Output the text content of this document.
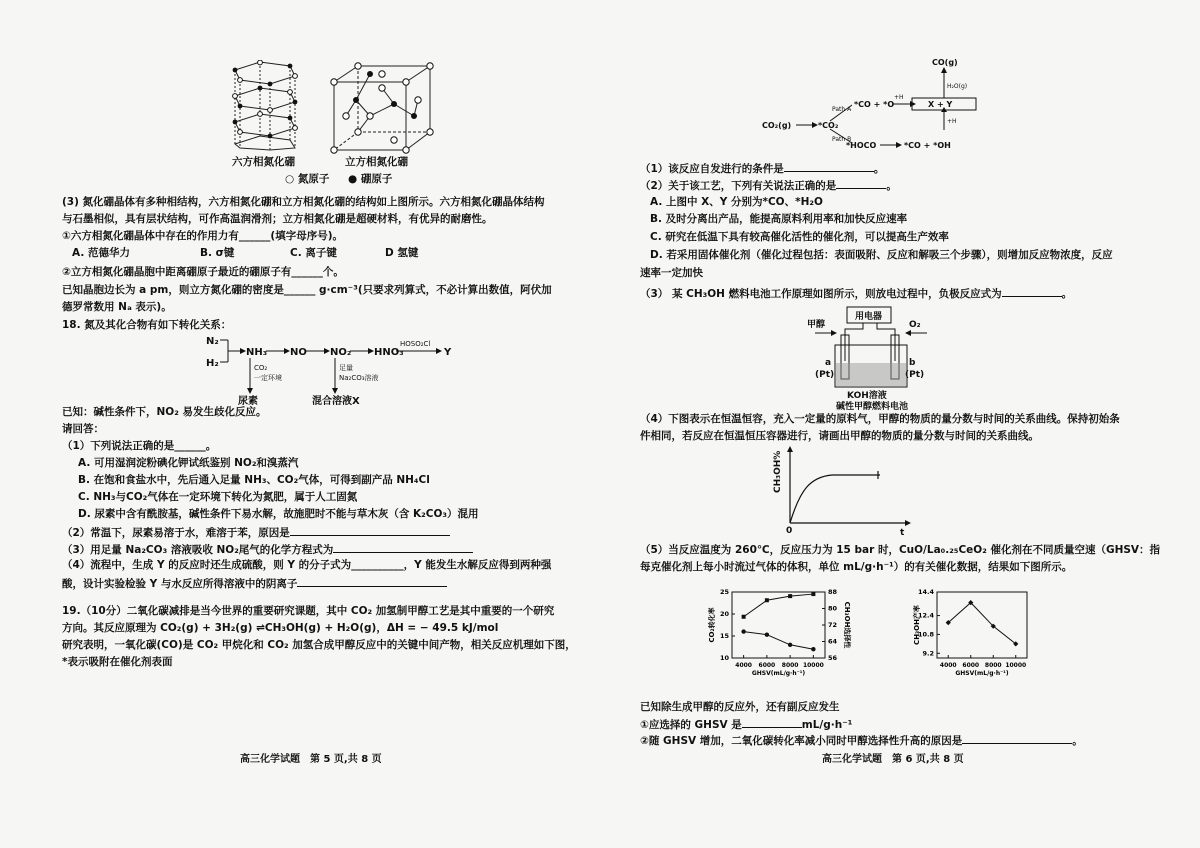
六方相氮化硼	立方相氮化硼
○ 氮原子 ● 硼原子
(3) 氮化硼晶体有多种相结构，六方相氮化硼和立方相氮化硼的结构如上图所示。六方相氮化硼晶体结构
与石墨相似，具有层状结构，可作高温润滑剂；立方相氮化硼是超硬材料，有优异的耐磨性。
①六方相氮化硼晶体中存在的作用力有______(填字母序号)。
A. 范德华力	B. σ键	C. 离子键	D 氢键
②立方相氮化硼晶胞中距离硼原子最近的硼原子有______个。
已知晶胞边长为 a pm，则立方氮化硼的密度是______ g·cm⁻³(只要求列算式，不必计算出数值，阿伏加
德罗常数用 Nₐ 表示)。
18. 氮及其化合物有如下转化关系：
N₂
H₂
NH₃ NO NO₂ HNO₃	Y
尿素	混合溶液X
HOSO₂Cl
CO₂
一定环境
足量
Na₂CO₃溶液
已知：碱性条件下，NO₂ 易发生歧化反应。
请回答：
（1）下列说法正确的是______。
A. 可用湿润淀粉碘化钾试纸鉴别 NO₂和溴蒸汽
B. 在饱和食盐水中，先后通入足量 NH₃、CO₂气体，可得到副产品 NH₄Cl
C. NH₃与CO₂气体在一定环境下转化为氮肥，属于人工固氮
D. 尿素中含有酰胺基，碱性条件下易水解，故施肥时不能与草木灰（含 K₂CO₃）混用
（2）常温下，尿素易溶于水，难溶于苯，原因是
（3）用足量 Na₂CO₃ 溶液吸收 NO₂尾气的化学方程式为
（4）流程中，生成 Y 的反应时还生成硫酸，则 Y 的分子式为__________，Y 能发生水解反应得到两种强
酸，设计实验检验 Y 与水反应所得溶液中的阴离子
19.（10分）二氧化碳减排是当今世界的重要研究课题，其中 CO₂ 加氢制甲醇工艺是其中重要的一个研究
方向。其反应原理为 CO₂(g) + 3H₂(g) ⇌CH₃OH(g) + H₂O(g)，ΔH = − 49.5 kJ/mol
研究表明，一氧化碳(CO)是 CO₂ 甲烷化和 CO₂ 加氢合成甲醇反应中的关键中间产物，相关反应机理如下图，
*表示吸附在催化剂表面
高三化学试题　第 5 页,共 8 页
CO(g)
CO₂(g)	*CO₂
*CO + *O	X + Y
*HOCO	*CO + *OH
H₂O(g)
Path A
Path B
+H
+H
（1）该反应自发进行的条件是	。
（2）关于该工艺，下列有关说法正确的是	。
A. 上图中 X、Y 分别为*CO、*H₂O
B. 及时分离出产品，能提高原料利用率和加快反应速率
C. 研究在低温下具有较高催化活性的催化剂，可以提高生产效率
D. 若采用固体催化剂（催化过程包括：表面吸附、反应和解吸三个步骤），则增加反应物浓度，反应
速率一定加快
（3） 某 CH₃OH 燃料电池工作原理如图所示，则放电过程中，负极反应式为	。
甲醇
用电器
O₂
a
(Pt)
b
(Pt)
KOH溶液
碱性甲醇燃料电池
（4）下图表示在恒温恒容，充入一定量的原料气，甲醇的物质的量分数与时间的关系曲线。保持初始条
件相同，若反应在恒温恒压容器进行，请画出甲醇的物质的量分数与时间的关系曲线。
0	t
CH₃OH%
（5）当反应温度为 260℃，反应压力为 15 bar 时，CuO/La₀.₂₅CeO₂ 催化剂在不同质量空速（GHSV：指
每克催化剂上每小时流过气体的体积，单位 mL/g·h⁻¹）的有关催化数据，结果如下图所示。
4000 6000 8000 10000
GHSV(mL/g·h⁻¹)
10
15
20
25
CO₂转化率
56
64
72
80
88
CH₃OH选择性
4000 6000 8000 10000
GHSV(mL/g·h⁻¹)
9.2
10.8
12.4
14.4
CH₃OH产率
已知除生成甲醇的反应外，还有副反应发生
①应选择的 GHSV 是	mL/g·h⁻¹
②随 GHSV 增加，二氧化碳转化率减小同时甲醇选择性升高的原因是	。
高三化学试题　第 6 页,共 8 页
